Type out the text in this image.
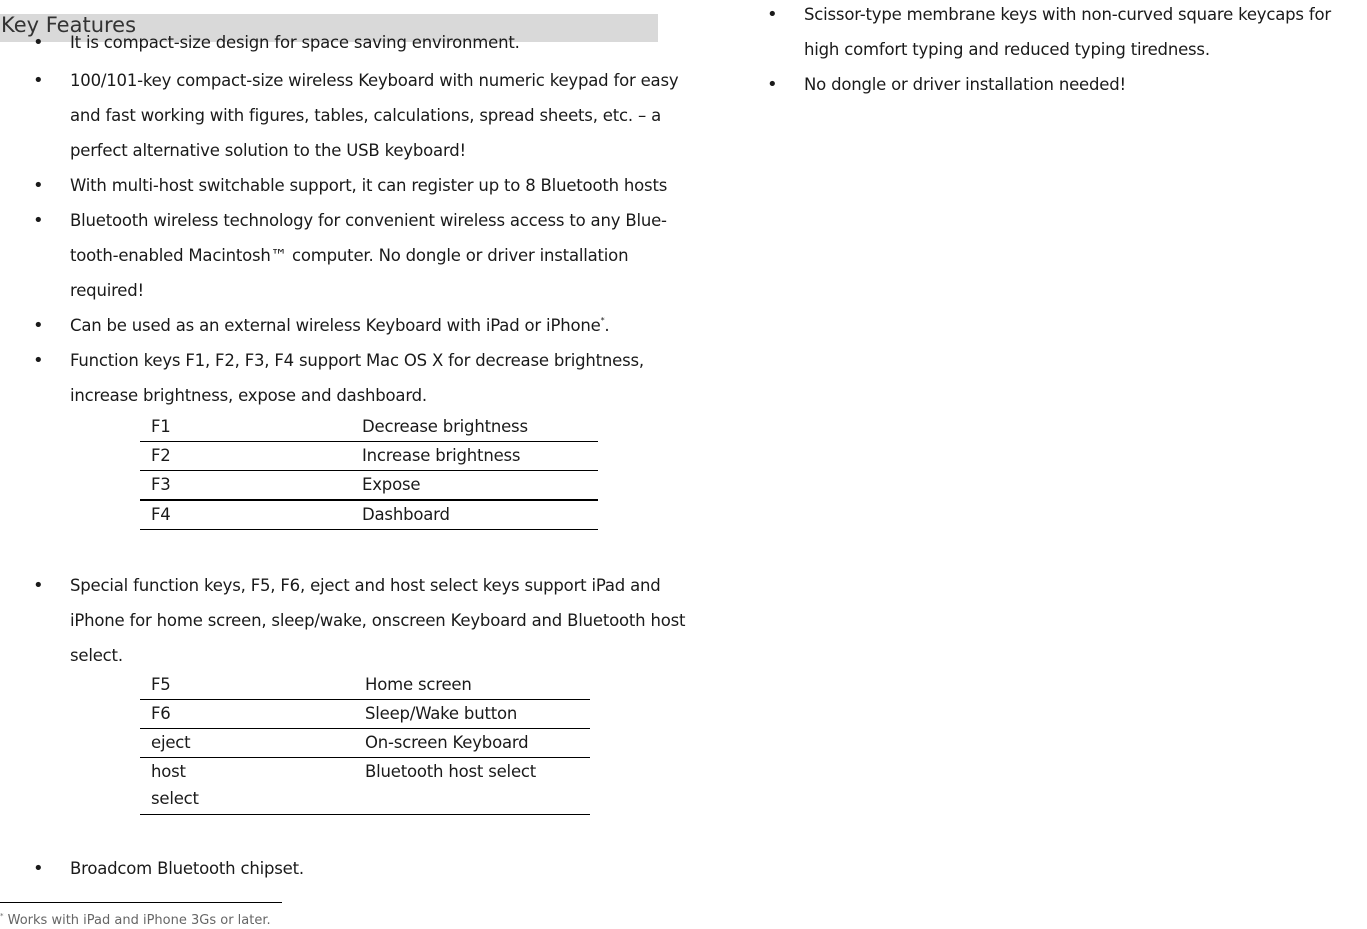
Key Features
• It is compact-size design for space saving environment.
• 100/101-key compact-size wireless Keyboard with numeric keypad for easy and fast working with figures, tables, calculations, spread sheets, etc. – a perfect alternative solution to the USB keyboard!
• With multi-host switchable support, it can register up to 8 Bluetooth hosts
• Bluetooth wireless technology for convenient wireless access to any Blue-tooth-enabled Macintosh™ computer. No dongle or driver installation required!
• Can be used as an external wireless Keyboard with iPad or iPhone*.
• Function keys F1, F2, F3, F4 support Mac OS X for decrease brightness, increase brightness, expose and dashboard.
F1	Decrease brightness
F2	Increase brightness
F3	Expose
F4	Dashboard
• Special function keys, F5, F6, eject and host select keys support iPad and iPhone for home screen, sleep/wake, onscreen Keyboard and Bluetooth host select.
F5		Home screen
F6		Sleep/Wake button
eject		On-screen Keyboard
host select		Bluetooth host select
• Broadcom Bluetooth chipset.
• Scissor-type membrane keys with non-curved square keycaps for high comfort typing and reduced typing tiredness.
• No dongle or driver installation needed!
* Works with iPad and iPhone 3Gs or later.
